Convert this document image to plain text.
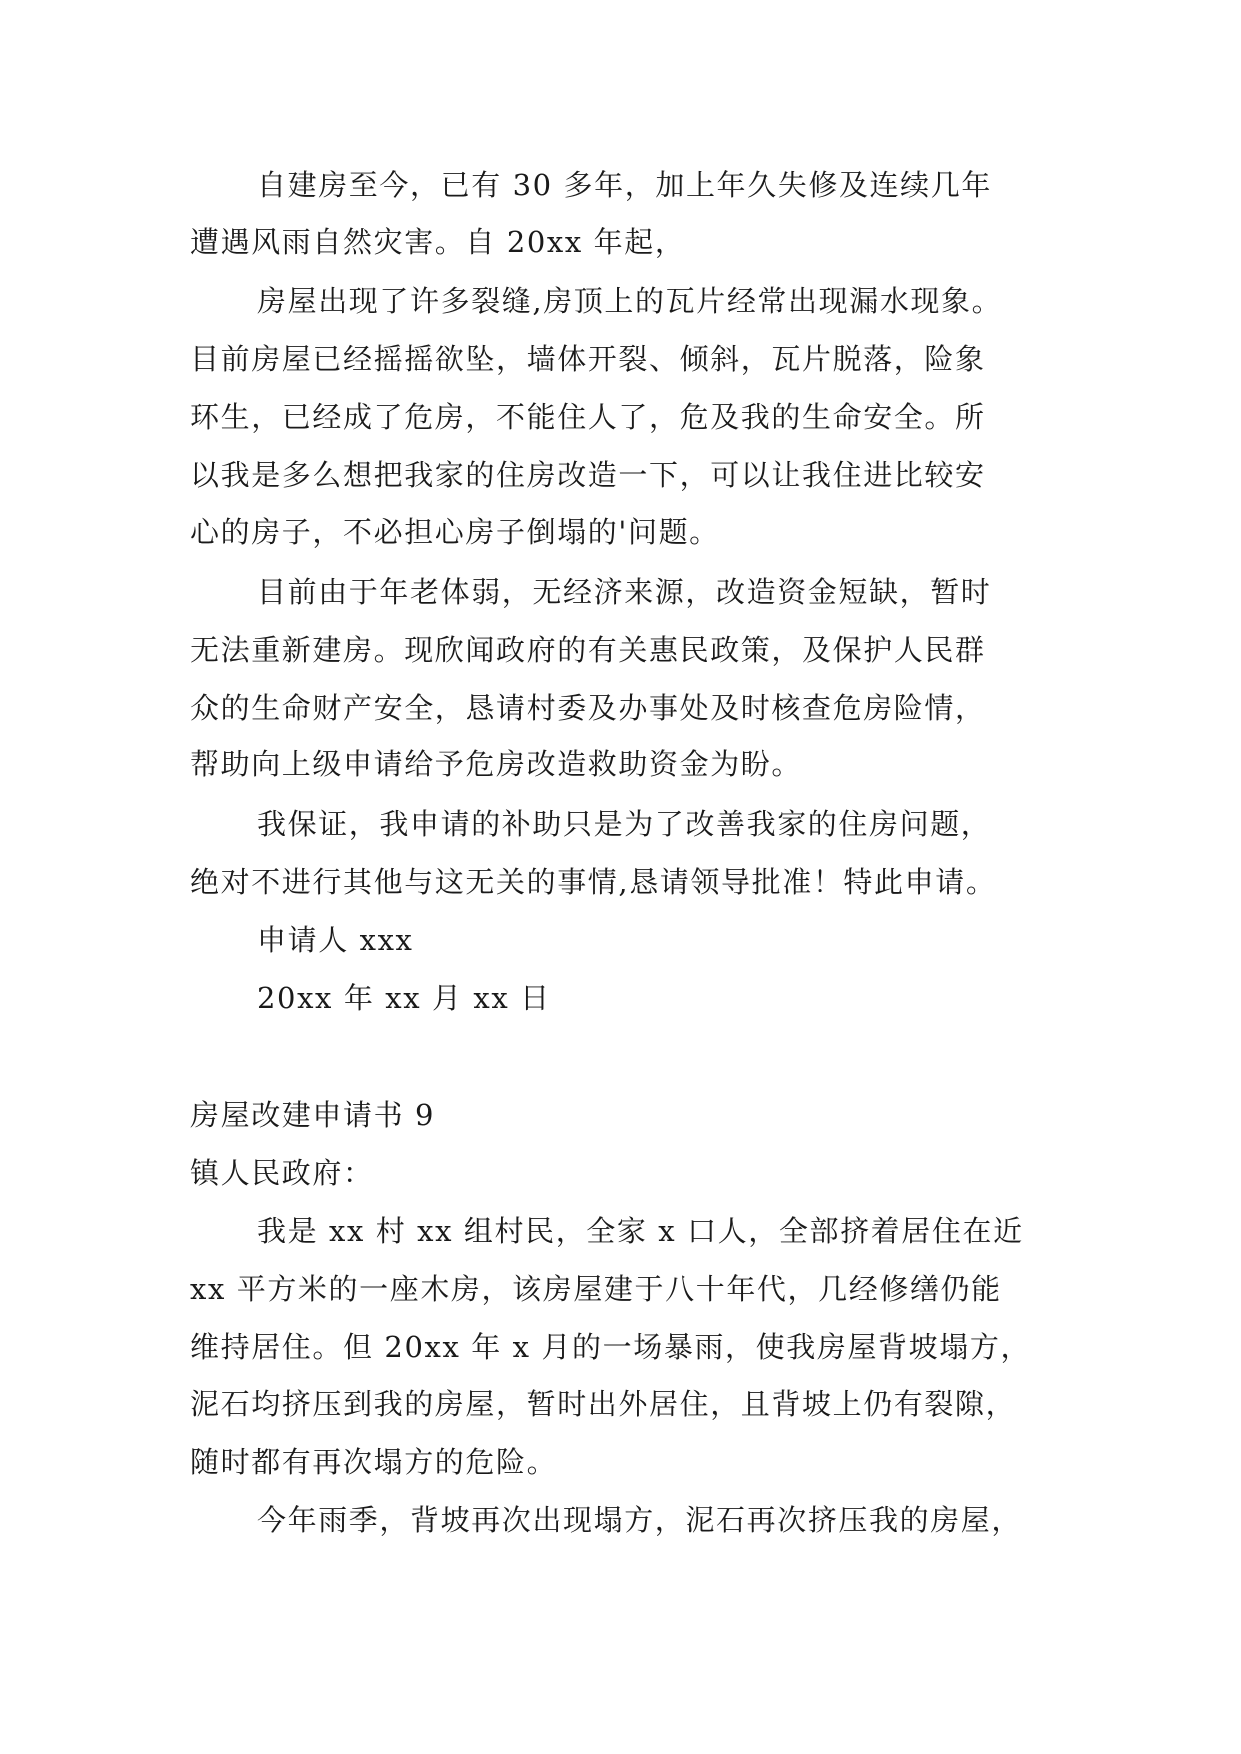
自建房至今，已有 30 多年，加上年久失修及连续几年
遭遇风雨自然灾害。自 20xx 年起，
房屋出现了许多裂缝,房顶上的瓦片经常出现漏水现象。
目前房屋已经摇摇欲坠，墙体开裂、倾斜，瓦片脱落，险象
环生，已经成了危房，不能住人了，危及我的生命安全。所
以我是多么想把我家的住房改造一下，可以让我住进比较安
心的房子，不必担心房子倒塌的'问题。
目前由于年老体弱，无经济来源，改造资金短缺，暂时
无法重新建房。现欣闻政府的有关惠民政策，及保护人民群
众的生命财产安全，恳请村委及办事处及时核查危房险情，
帮助向上级申请给予危房改造救助资金为盼。
我保证，我申请的补助只是为了改善我家的住房问题，
绝对不进行其他与这无关的事情,恳请领导批准！特此申请。
申请人 xxx
20xx 年 xx 月 xx 日
房屋改建申请书 9
镇人民政府：
我是 xx 村 xx 组村民，全家 x 口人，全部挤着居住在近
xx 平方米的一座木房，该房屋建于八十年代，几经修缮仍能
维持居住。但 20xx 年 x 月的一场暴雨，使我房屋背坡塌方，
泥石均挤压到我的房屋，暂时出外居住，且背坡上仍有裂隙，
随时都有再次塌方的危险。
今年雨季，背坡再次出现塌方，泥石再次挤压我的房屋，
